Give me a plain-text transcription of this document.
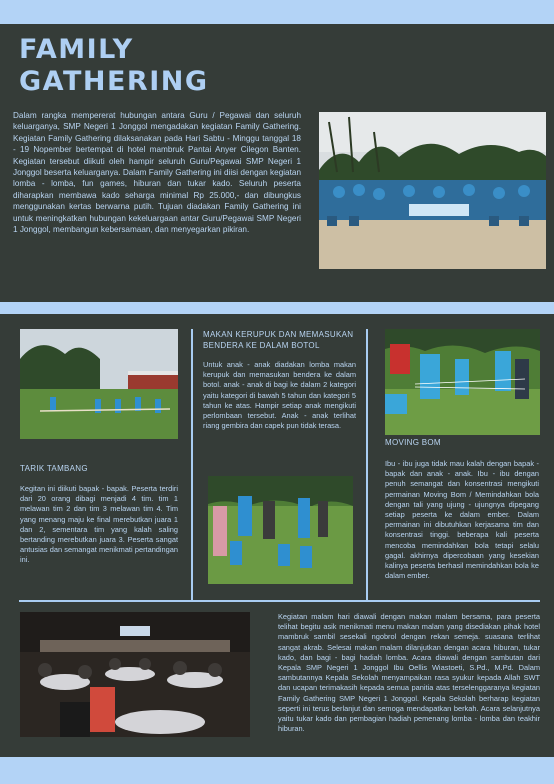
FAMILY
GATHERING

Dalam rangka mempererat hubungan antara Guru / Pegawai dan seluruh keluarganya, SMP Negeri 1 Jonggol mengadakan kegiatan Family Gathering. Kegiatan Family Gathering dilaksanakan pada Hari Sabtu - Minggu tanggal 18 - 19 Nopember bertempat di hotel mambruk Pantai Anyer Cilegon Banten. Kegiatan tersebut diikuti oleh hampir seluruh Guru/Pegawai SMP Negeri 1 Jonggol beserta keluarganya. Dalam Family Gathering ini diisi dengan kegiatan lomba - lomba, fun games, hiburan dan tukar kado. Seluruh peserta diharapkan membawa kado seharga minimal Rp 25.000,- dan dibungkus menggunakan kertas berwarna putih. Tujuan diadakan Family Gathering ini untuk meningkatkan hubungan kekeluargaan antar Guru/Pegawai SMP Negeri 1 Jonggol, membangun kebersamaan, dan menyegarkan pikiran.

TARIK TAMBANG

Kegitan ini diikuti bapak - bapak. Peserta terdiri dari 20 orang dibagi menjadi 4 tim. tim 1 melawan tim 2 dan tim 3 melawan tim 4. Tim yang menang maju ke final merebutkan juara 1 dan 2, sementara tim yang kalah saling bertanding merebutkan juara 3. Peserta sangat antusias dan semangat menikmati pertandingan ini.

MAKAN KERUPUK DAN MEMASUKAN BENDERA KE DALAM BOTOL

Untuk anak - anak diadakan lomba makan kerupuk dan memasukan bendera ke dalam botol. anak - anak di bagi ke dalam 2 kategori yaitu kategori di bawah 5 tahun dan kategori 5 tahun ke atas. Hampir setiap anak mengikuti perlombaan tersebut. Anak - anak terlihat riang gembira dan capek pun tidak terasa.

MOVING BOM

Ibu - ibu juga tidak mau kalah dengan bapak - bapak dan anak - anak. Ibu - ibu dengan penuh semangat dan konsentrasi mengikuti permainan Moving Bom / Memindahkan bola dengan tali yang ujung - ujungnya dipegang setiap peserta ke dalam ember. Dalam permainan ini dibutuhkan kerjasama tim dan konsentrasi tinggi. beberapa kali peserta mencoba memindahkan bola tetapi selalu gagal. akhirnya dipercobaan yang kesekian kalinya peserta berhasil memindahkan bola ke dalam ember.

Kegiatan malam hari diawali dengan makan malam bersama, para peserta telihat begitu asik menikmati menu makan malam yang disediakan pihak hotel mambruk sambil sesekali ngobrol dengan rekan semeja. suasana terlihat sangat akrab. Selesai makan malam dilanjutkan dengan acara hiburan, tukar kado, dan bagi - bagi hadiah lomba. Acara diawali dengan sambutan dari Kepala SMP Negeri 1 Jonggol Ibu Oellis Wiastoeti, S.Pd., M.Pd. Dalam sambutannya Kepala Sekolah menyampaikan rasa syukur kepada Allah SWT dan ucapan terimakasih kepada semua panitia atas terselenggaranya kegiatan Family Gathering SMP Negeri 1 Jonggol. Kepala Sekolah berharap kegiatan seperti ini terus berlanjut dan semoga mendapatkan berkah. Acara selanjutnya yaitu tukar kado dan pembagian hadiah pemenang lomba - lomba dan teakhir hiburan.
